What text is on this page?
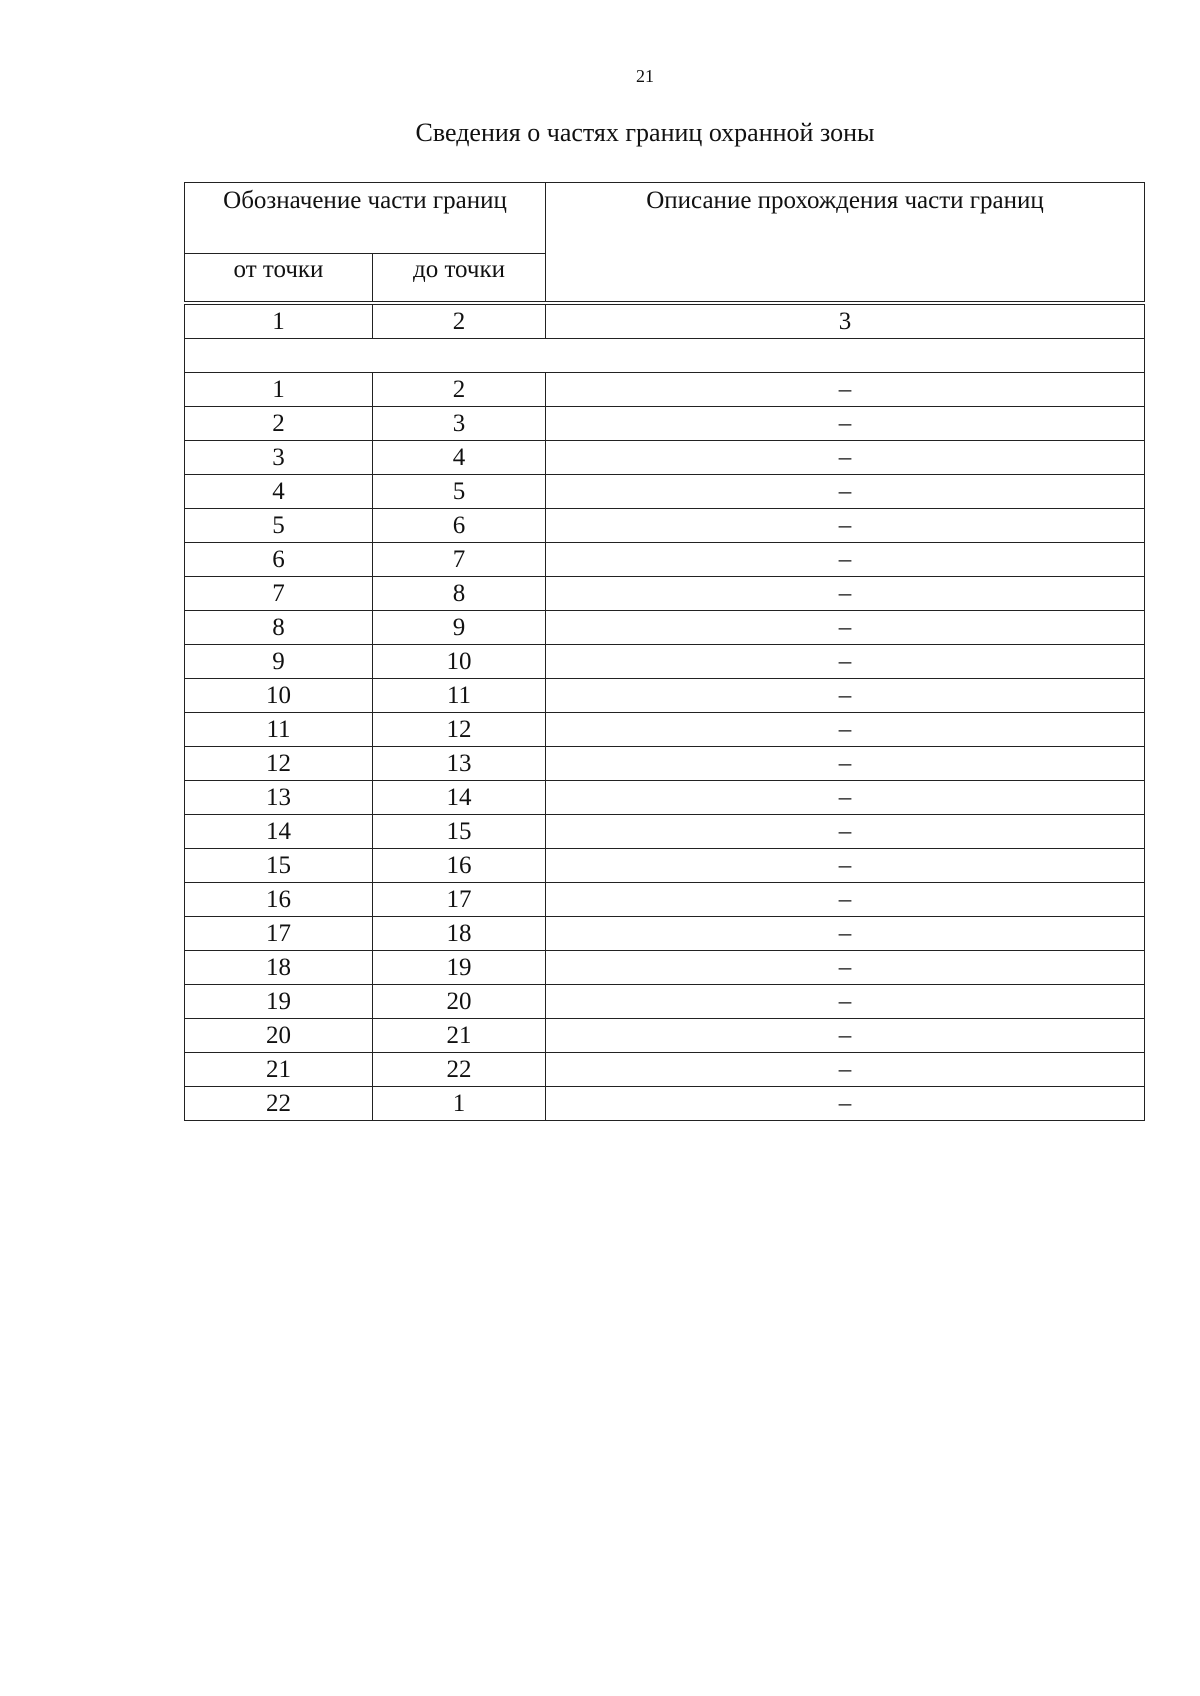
21
Сведения о частях границ охранной зоны
Обозначение части границ		Описание прохождения части границ
от точки	до точки	
1	2	3

1	2	–
2	3	–
3	4	–
4	5	–
5	6	–
6	7	–
7	8	–
8	9	–
9	10	–
10	11	–
11	12	–
12	13	–
13	14	–
14	15	–
15	16	–
16	17	–
17	18	–
18	19	–
19	20	–
20	21	–
21	22	–
22	1	–
